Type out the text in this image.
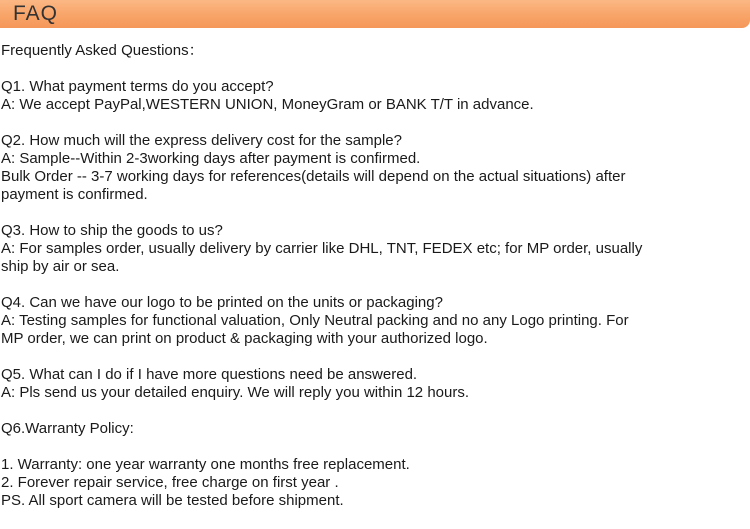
FAQ
Frequently Asked Questions：
Q1. What payment terms do you accept?
A: We accept PayPal,WESTERN UNION, MoneyGram or BANK T/T in advance.
Q2. How much will the express delivery cost for the sample?
A: Sample--Within 2-3working days after payment is confirmed.
Bulk Order -- 3-7 working days for references(details will depend on the actual situations) after
payment is confirmed.
Q3. How to ship the goods to us?
A: For samples order, usually delivery by carrier like DHL, TNT, FEDEX etc; for MP order, usually
ship by air or sea.
Q4. Can we have our logo to be printed on the units or packaging?
A: Testing samples for functional valuation, Only Neutral packing and no any Logo printing. For
MP order, we can print on product & packaging with your authorized logo.
Q5. What can I do if I have more questions need be answered.
A: Pls send us your detailed enquiry. We will reply you within 12 hours.
Q6.Warranty Policy:
1. Warranty: one year warranty one months free replacement.
2. Forever repair service, free charge on first year .
PS. All sport camera will be tested before shipment.
